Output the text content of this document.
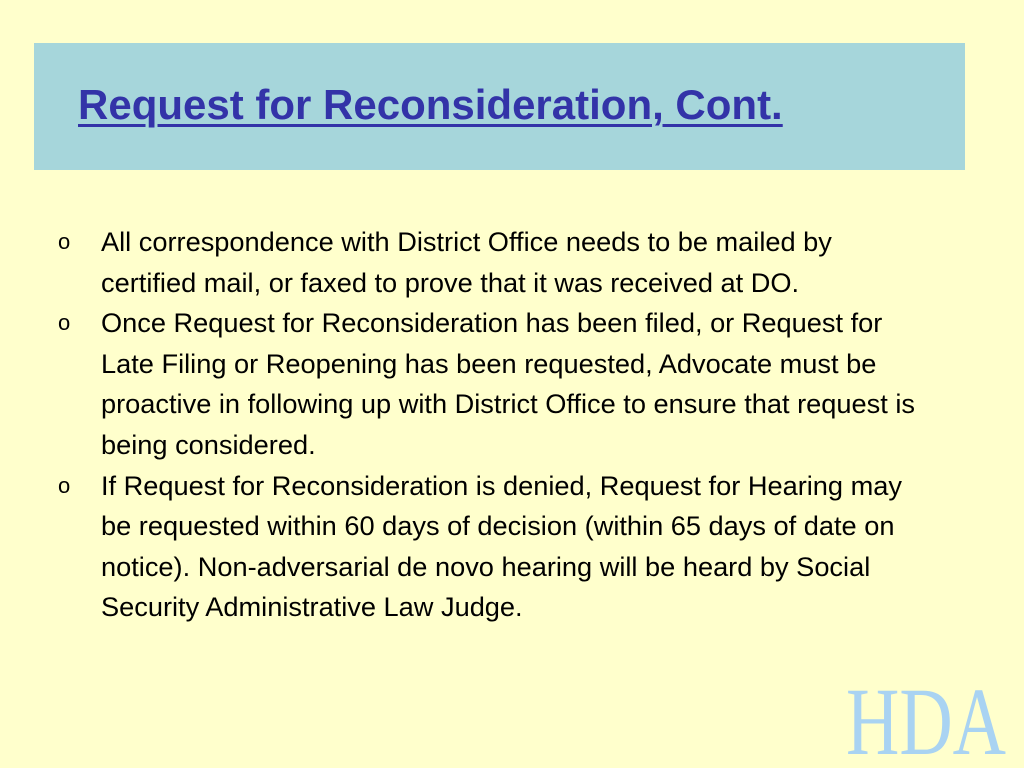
Request for Reconsideration, Cont.
o All correspondence with District Office needs to be mailed by certified mail, or faxed to prove that it was received at DO.
o Once Request for Reconsideration has been filed, or Request for Late Filing or Reopening has been requested, Advocate must be proactive in following up with District Office to ensure that request is being considered.
o If Request for Reconsideration is denied, Request for Hearing may be requested within 60 days of decision (within 65 days of date on notice). Non-adversarial de novo hearing will be heard by Social Security Administrative Law Judge.
HDA
